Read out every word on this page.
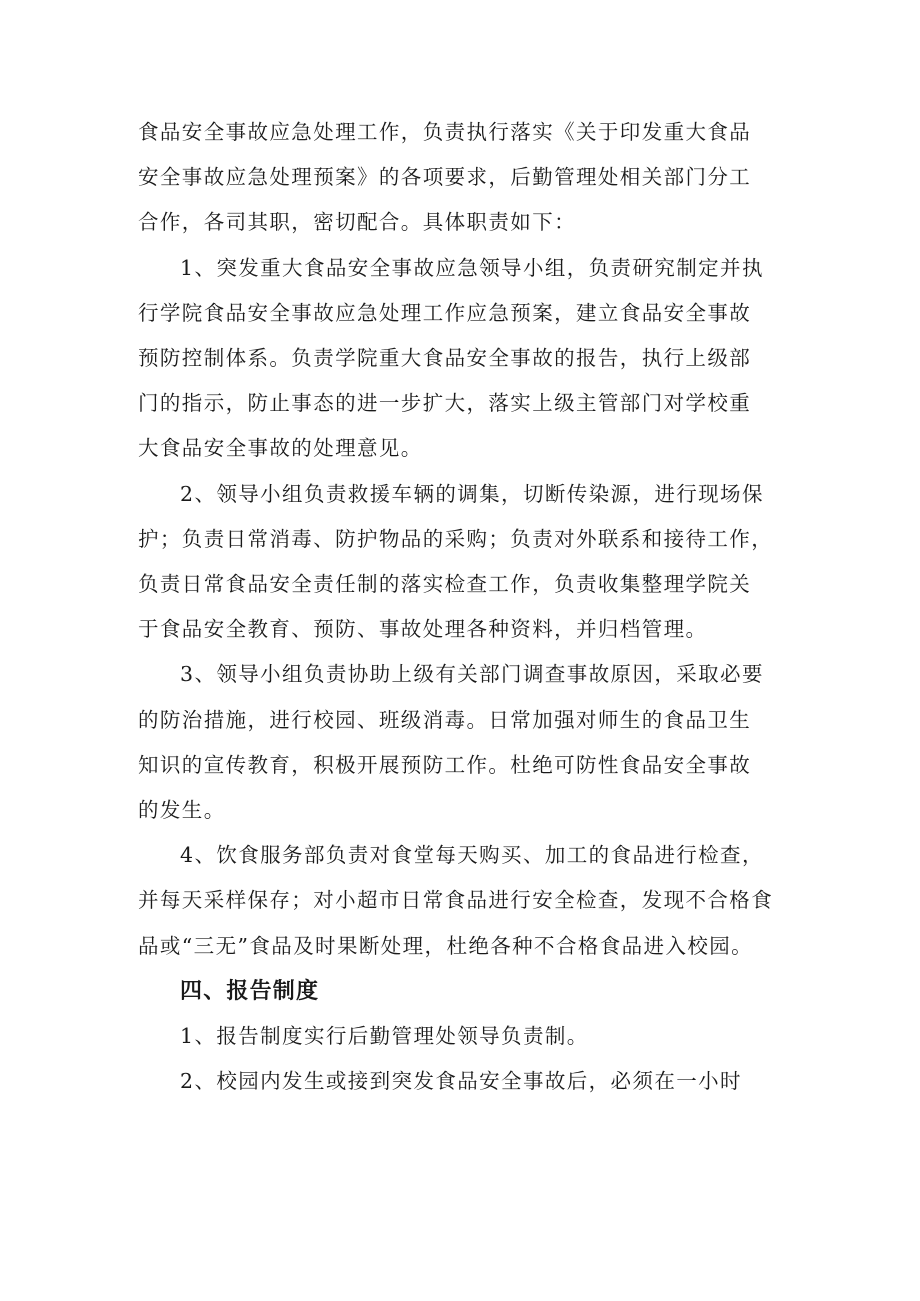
食品安全事故应急处理工作，负责执行落实《关于印发重大食品
安全事故应急处理预案》的各项要求，后勤管理处相关部门分工
合作，各司其职，密切配合。具体职责如下：

1、突发重大食品安全事故应急领导小组，负责研究制定并执
行学院食品安全事故应急处理工作应急预案，建立食品安全事故
预防控制体系。负责学院重大食品安全事故的报告，执行上级部
门的指示，防止事态的进一步扩大，落实上级主管部门对学校重
大食品安全事故的处理意见。

2、领导小组负责救援车辆的调集，切断传染源，进行现场保
护；负责日常消毒、防护物品的采购；负责对外联系和接待工作，
负责日常食品安全责任制的落实检查工作，负责收集整理学院关
于食品安全教育、预防、事故处理各种资料，并归档管理。

3、领导小组负责协助上级有关部门调查事故原因，采取必要
的防治措施，进行校园、班级消毒。日常加强对师生的食品卫生
知识的宣传教育，积极开展预防工作。杜绝可防性食品安全事故
的发生。

4、饮食服务部负责对食堂每天购买、加工的食品进行检查，
并每天采样保存；对小超市日常食品进行安全检查，发现不合格食
品或“三无”食品及时果断处理，杜绝各种不合格食品进入校园。

四、报告制度

1、报告制度实行后勤管理处领导负责制。

2、校园内发生或接到突发食品安全事故后，必须在一小时
